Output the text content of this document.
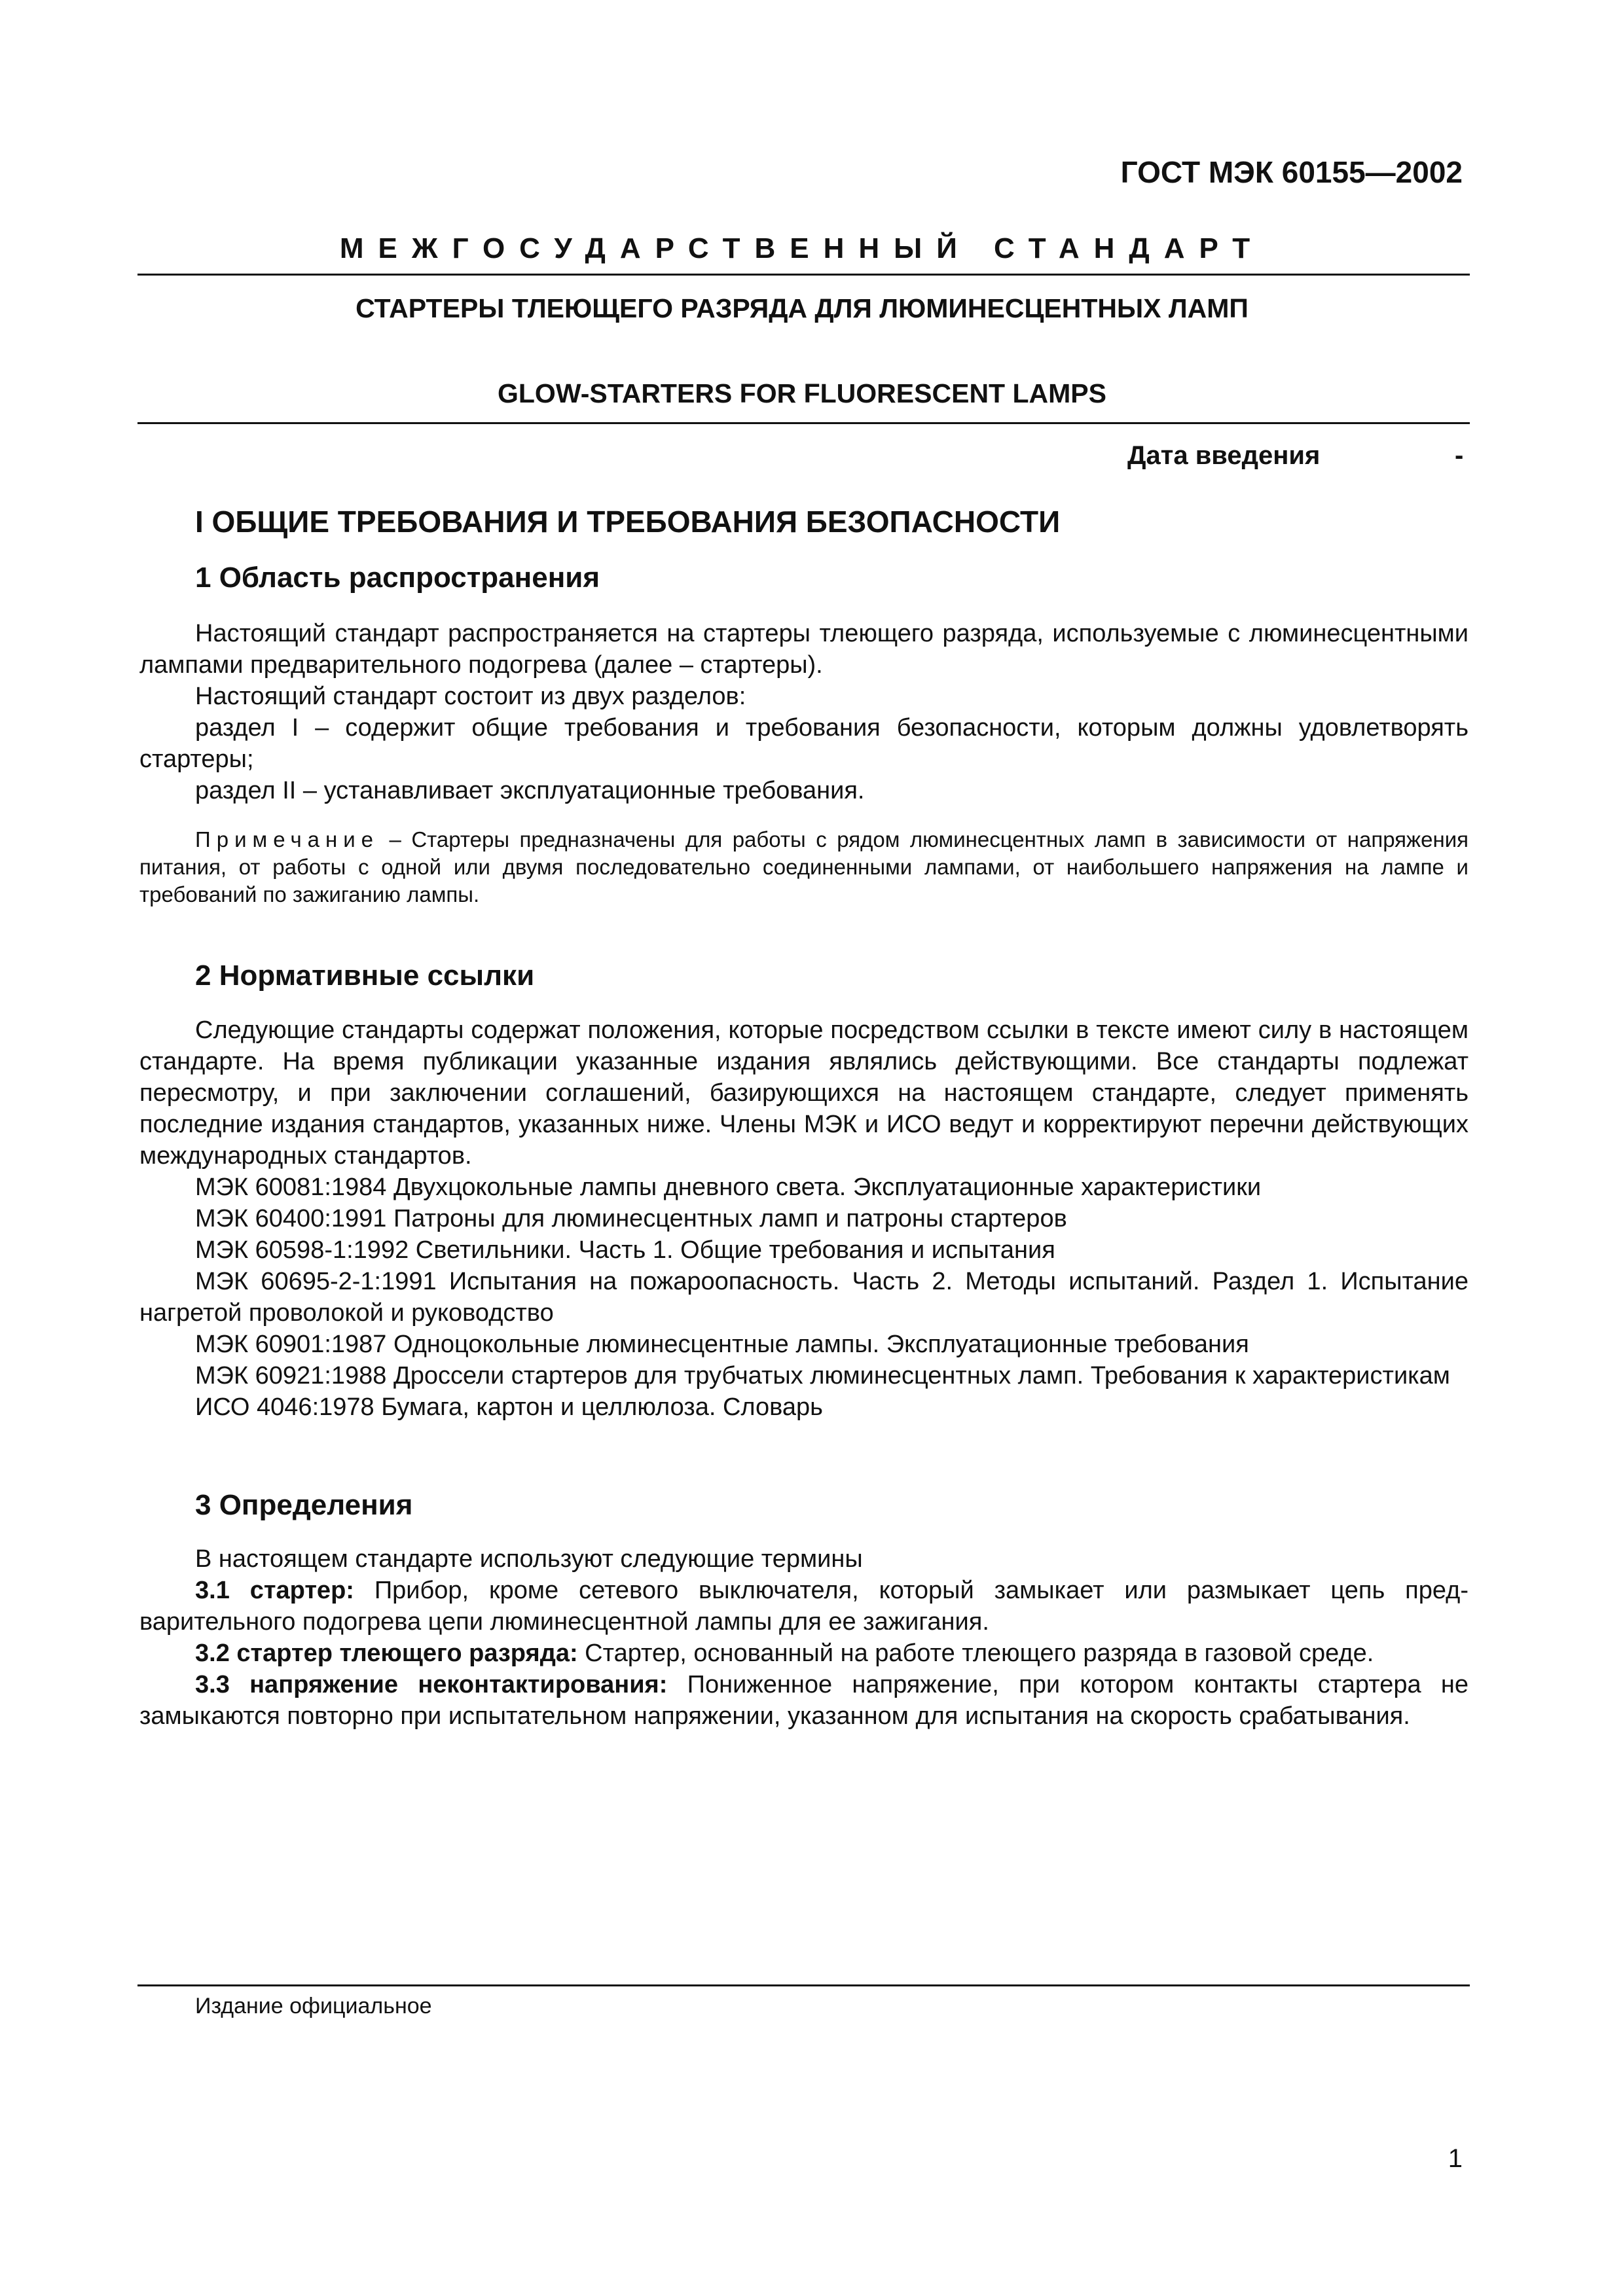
ГОСТ МЭК 60155—2002
МЕЖГОСУДАРСТВЕННЫЙ СТАНДАРТ
СТАРТЕРЫ ТЛЕЮЩЕГО РАЗРЯДА ДЛЯ ЛЮМИНЕСЦЕНТНЫХ ЛАМП
GLOW-STARTERS FOR FLUORESCENT LAMPS
Дата введения	-
I ОБЩИЕ ТРЕБОВАНИЯ И ТРЕБОВАНИЯ БЕЗОПАСНОСТИ
1 Область распространения

Настоящий стандарт распространяется на стартеры тлеющего разряда, используемые с люминесцентными лампами предварительного подогрева (далее – стартеры).

Настоящий стандарт состоит из двух разделов:

раздел I – содержит общие требования и требования безопасности, которым должны удовлетворять стартеры;

раздел II – устанавливает эксплуатационные требования.

Примечание – Стартеры предназначены для работы с рядом люминесцентных ламп в зависимости от напряжения питания, от работы с одной или двумя последовательно соединенными лампами, от наибольшего напряжения на лампе и требований по зажиганию лампы.
2 Нормативные ссылки

Следующие стандарты содержат положения, которые посредством ссылки в тексте имеют силу в настоящем стандарте. На время публикации указанные издания являлись действующими. Все стандарты подлежат пересмотру, и при заключении соглашений, базирующихся на настоящем стандарте, следует применять последние издания стандартов, указанных ниже. Члены МЭК и ИСО ведут и корректируют перечни действующих международных стандартов.

МЭК 60081:1984 Двухцокольные лампы дневного света. Эксплуатационные характеристики

МЭК 60400:1991 Патроны для люминесцентных ламп и патроны стартеров

МЭК 60598-1:1992 Светильники. Часть 1. Общие требования и испытания

МЭК 60695-2-1:1991 Испытания на пожароопасность. Часть 2. Методы испытаний. Раздел 1. Испытание нагретой проволокой и руководство

МЭК 60901:1987 Одноцокольные люминесцентные лампы. Эксплуатационные требования

МЭК 60921:1988 Дроссели стартеров для трубчатых люминесцентных ламп. Требования к характеристикам

ИСО 4046:1978 Бумага, картон и целлюлоза. Словарь

3 Определения

В настоящем стандарте используют следующие термины

3.1 стартер: Прибор, кроме сетевого выключателя, который замыкает или размыкает цепь предварительного подогрева цепи люминесцентной лампы для ее зажигания.

3.2 стартер тлеющего разряда: Стартер, основанный на работе тлеющего разряда в газовой среде.

3.3 напряжение неконтактирования: Пониженное напряжение, при котором контакты стартера не замыкаются повторно при испытательном напряжении, указанном для испытания на скорость срабатывания.

Издание официальное
1
